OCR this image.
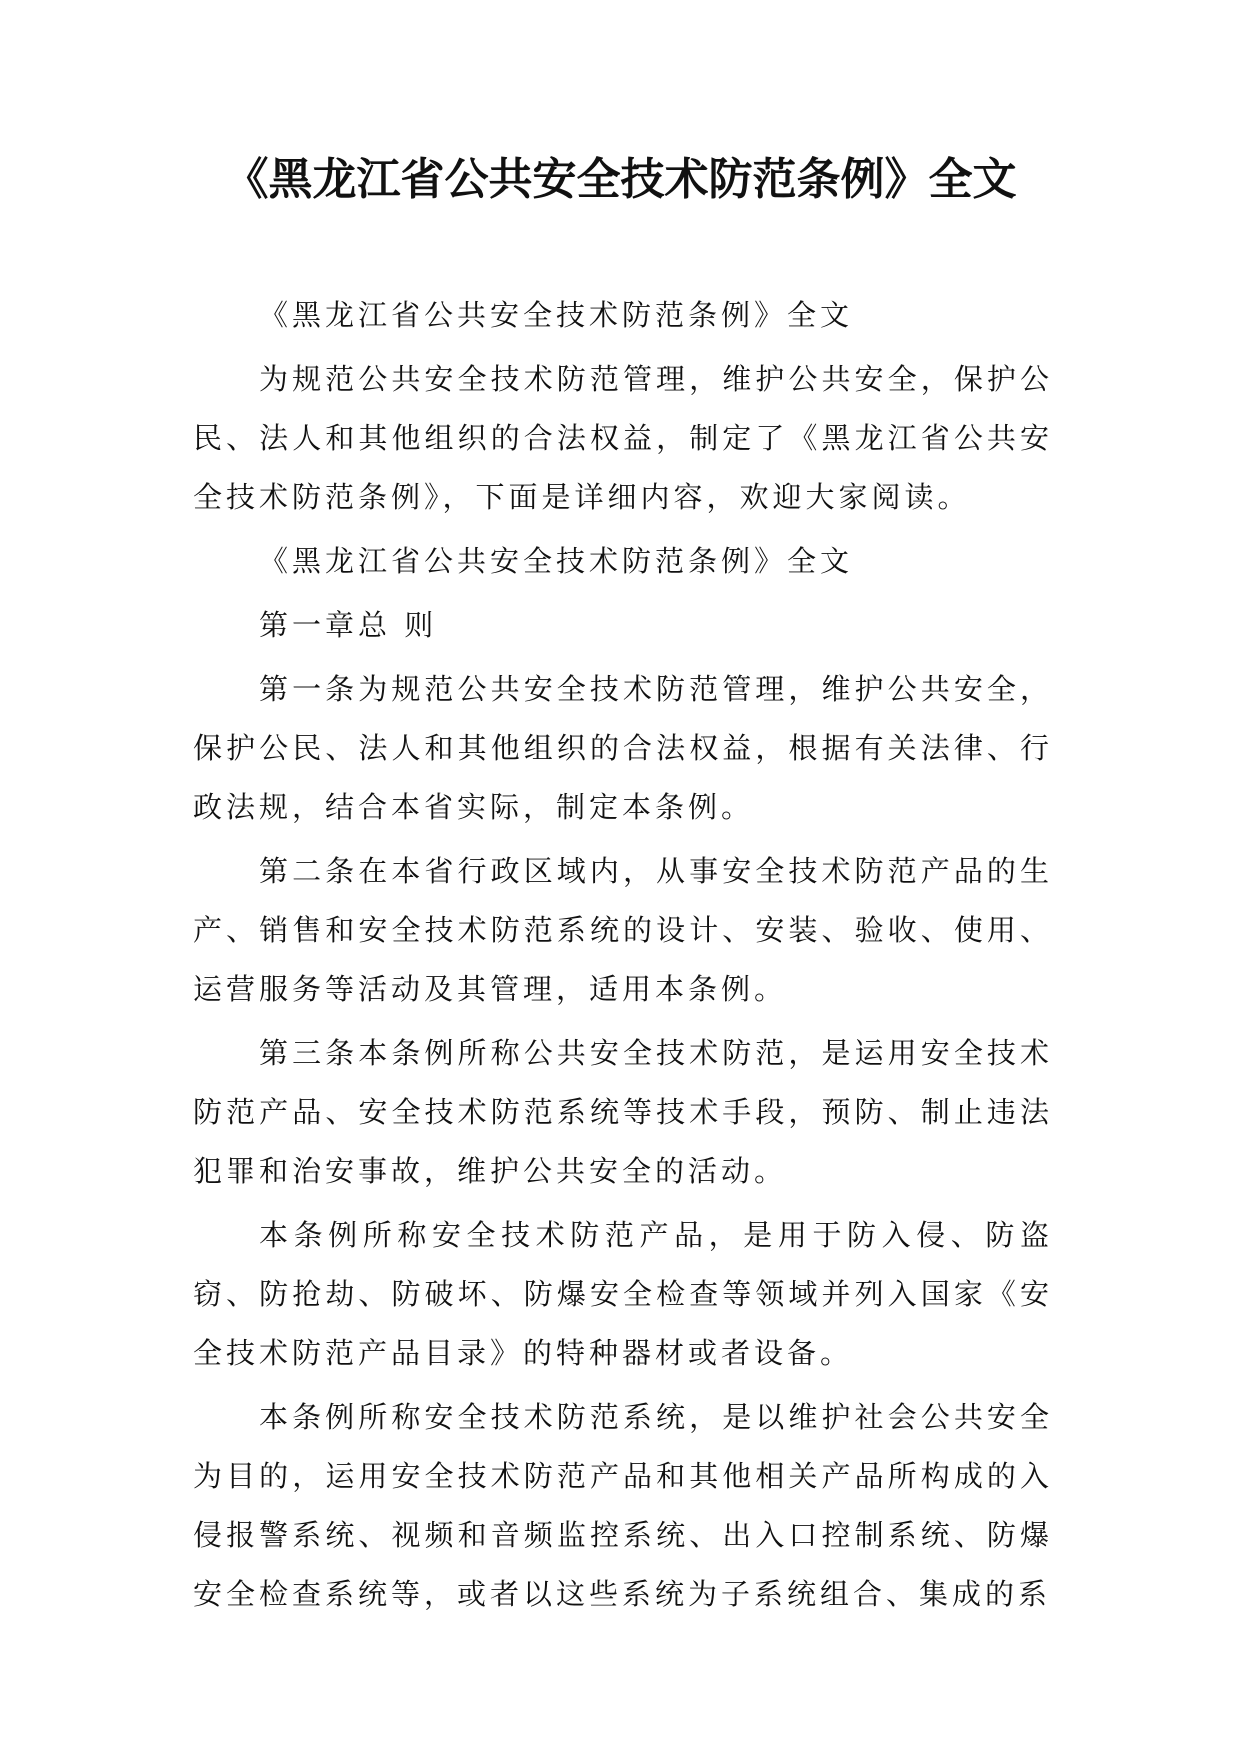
《黑龙江省公共安全技术防范条例》全文

《黑龙江省公共安全技术防范条例》全文

为规范公共安全技术防范管理，维护公共安全，保护公民、法人和其他组织的合法权益，制定了《黑龙江省公共安全技术防范条例》，下面是详细内容，欢迎大家阅读。

《黑龙江省公共安全技术防范条例》全文

第一章总 则

第一条为规范公共安全技术防范管理，维护公共安全，保护公民、法人和其他组织的合法权益，根据有关法律、行政法规，结合本省实际，制定本条例。

第二条在本省行政区域内，从事安全技术防范产品的生产、销售和安全技术防范系统的设计、安装、验收、使用、运营服务等活动及其管理，适用本条例。

第三条本条例所称公共安全技术防范，是运用安全技术防范产品、安全技术防范系统等技术手段，预防、制止违法犯罪和治安事故，维护公共安全的活动。

本条例所称安全技术防范产品，是用于防入侵、防盗窃、防抢劫、防破坏、防爆安全检查等领域并列入国家《安全技术防范产品目录》的特种器材或者设备。

本条例所称安全技术防范系统，是以维护社会公共安全为目的，运用安全技术防范产品和其他相关产品所构成的入侵报警系统、视频和音频监控系统、出入口控制系统、防爆安全检查系统等，或者以这些系统为子系统组合、集成的系
